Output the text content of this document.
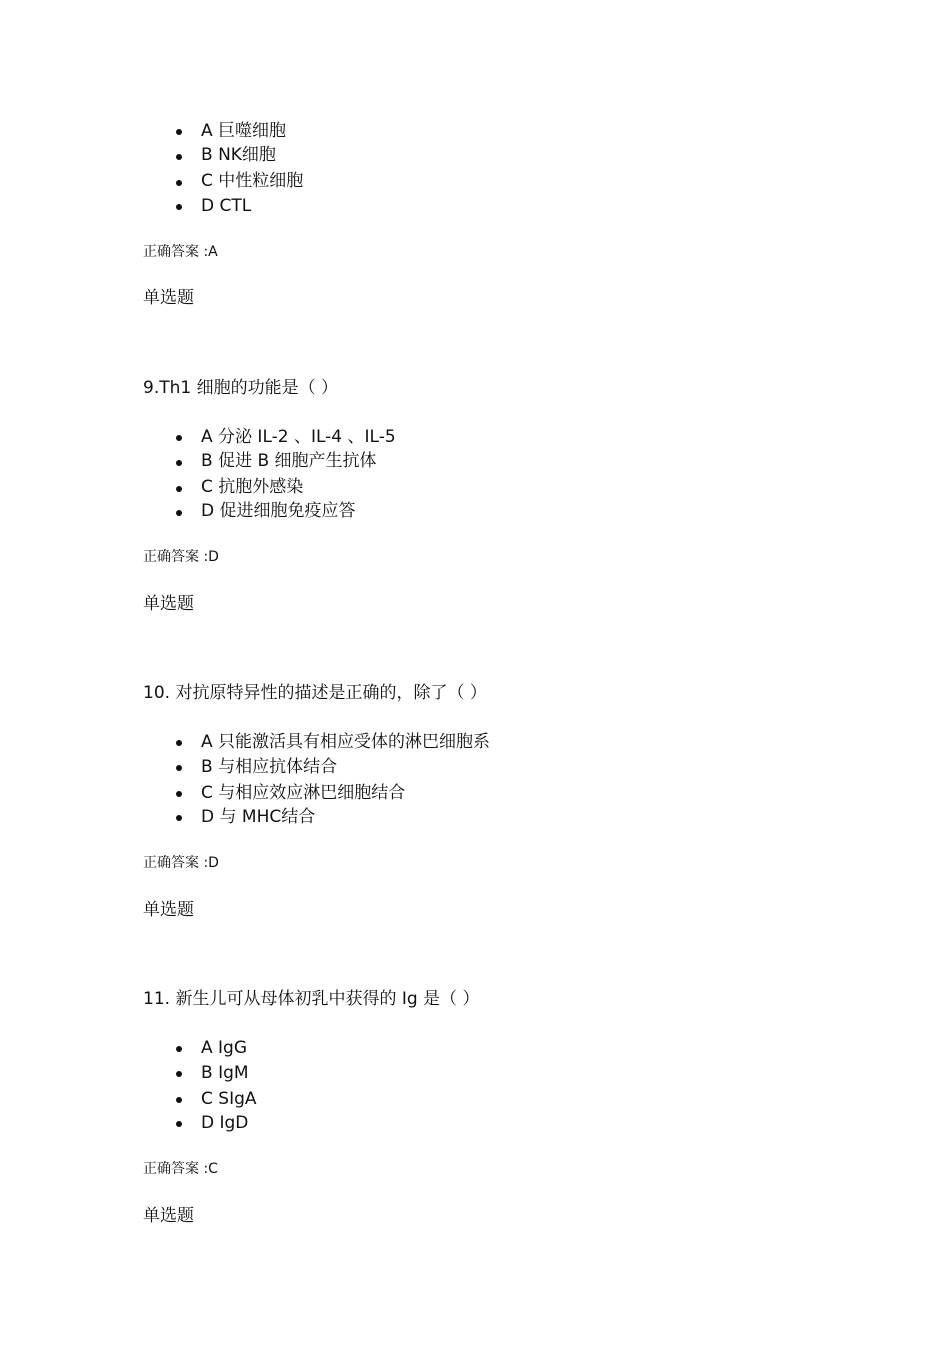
A 巨噬细胞
B NK细胞
C 中性粒细胞
D CTL
正确答案 :A
单选题
9.Th1 细胞的功能是（ ）
A 分泌 IL-2 、IL-4 、IL-5
B 促进 B 细胞产生抗体
C 抗胞外感染
D 促进细胞免疫应答
正确答案 :D
单选题
10. 对抗原特异性的描述是正确的，除了（ ）
A 只能激活具有相应受体的淋巴细胞系
B 与相应抗体结合
C 与相应效应淋巴细胞结合
D 与 MHC结合
正确答案 :D
单选题
11. 新生儿可从母体初乳中获得的 Ig 是（ ）
A IgG
B IgM
C SIgA
D IgD
正确答案 :C
单选题
